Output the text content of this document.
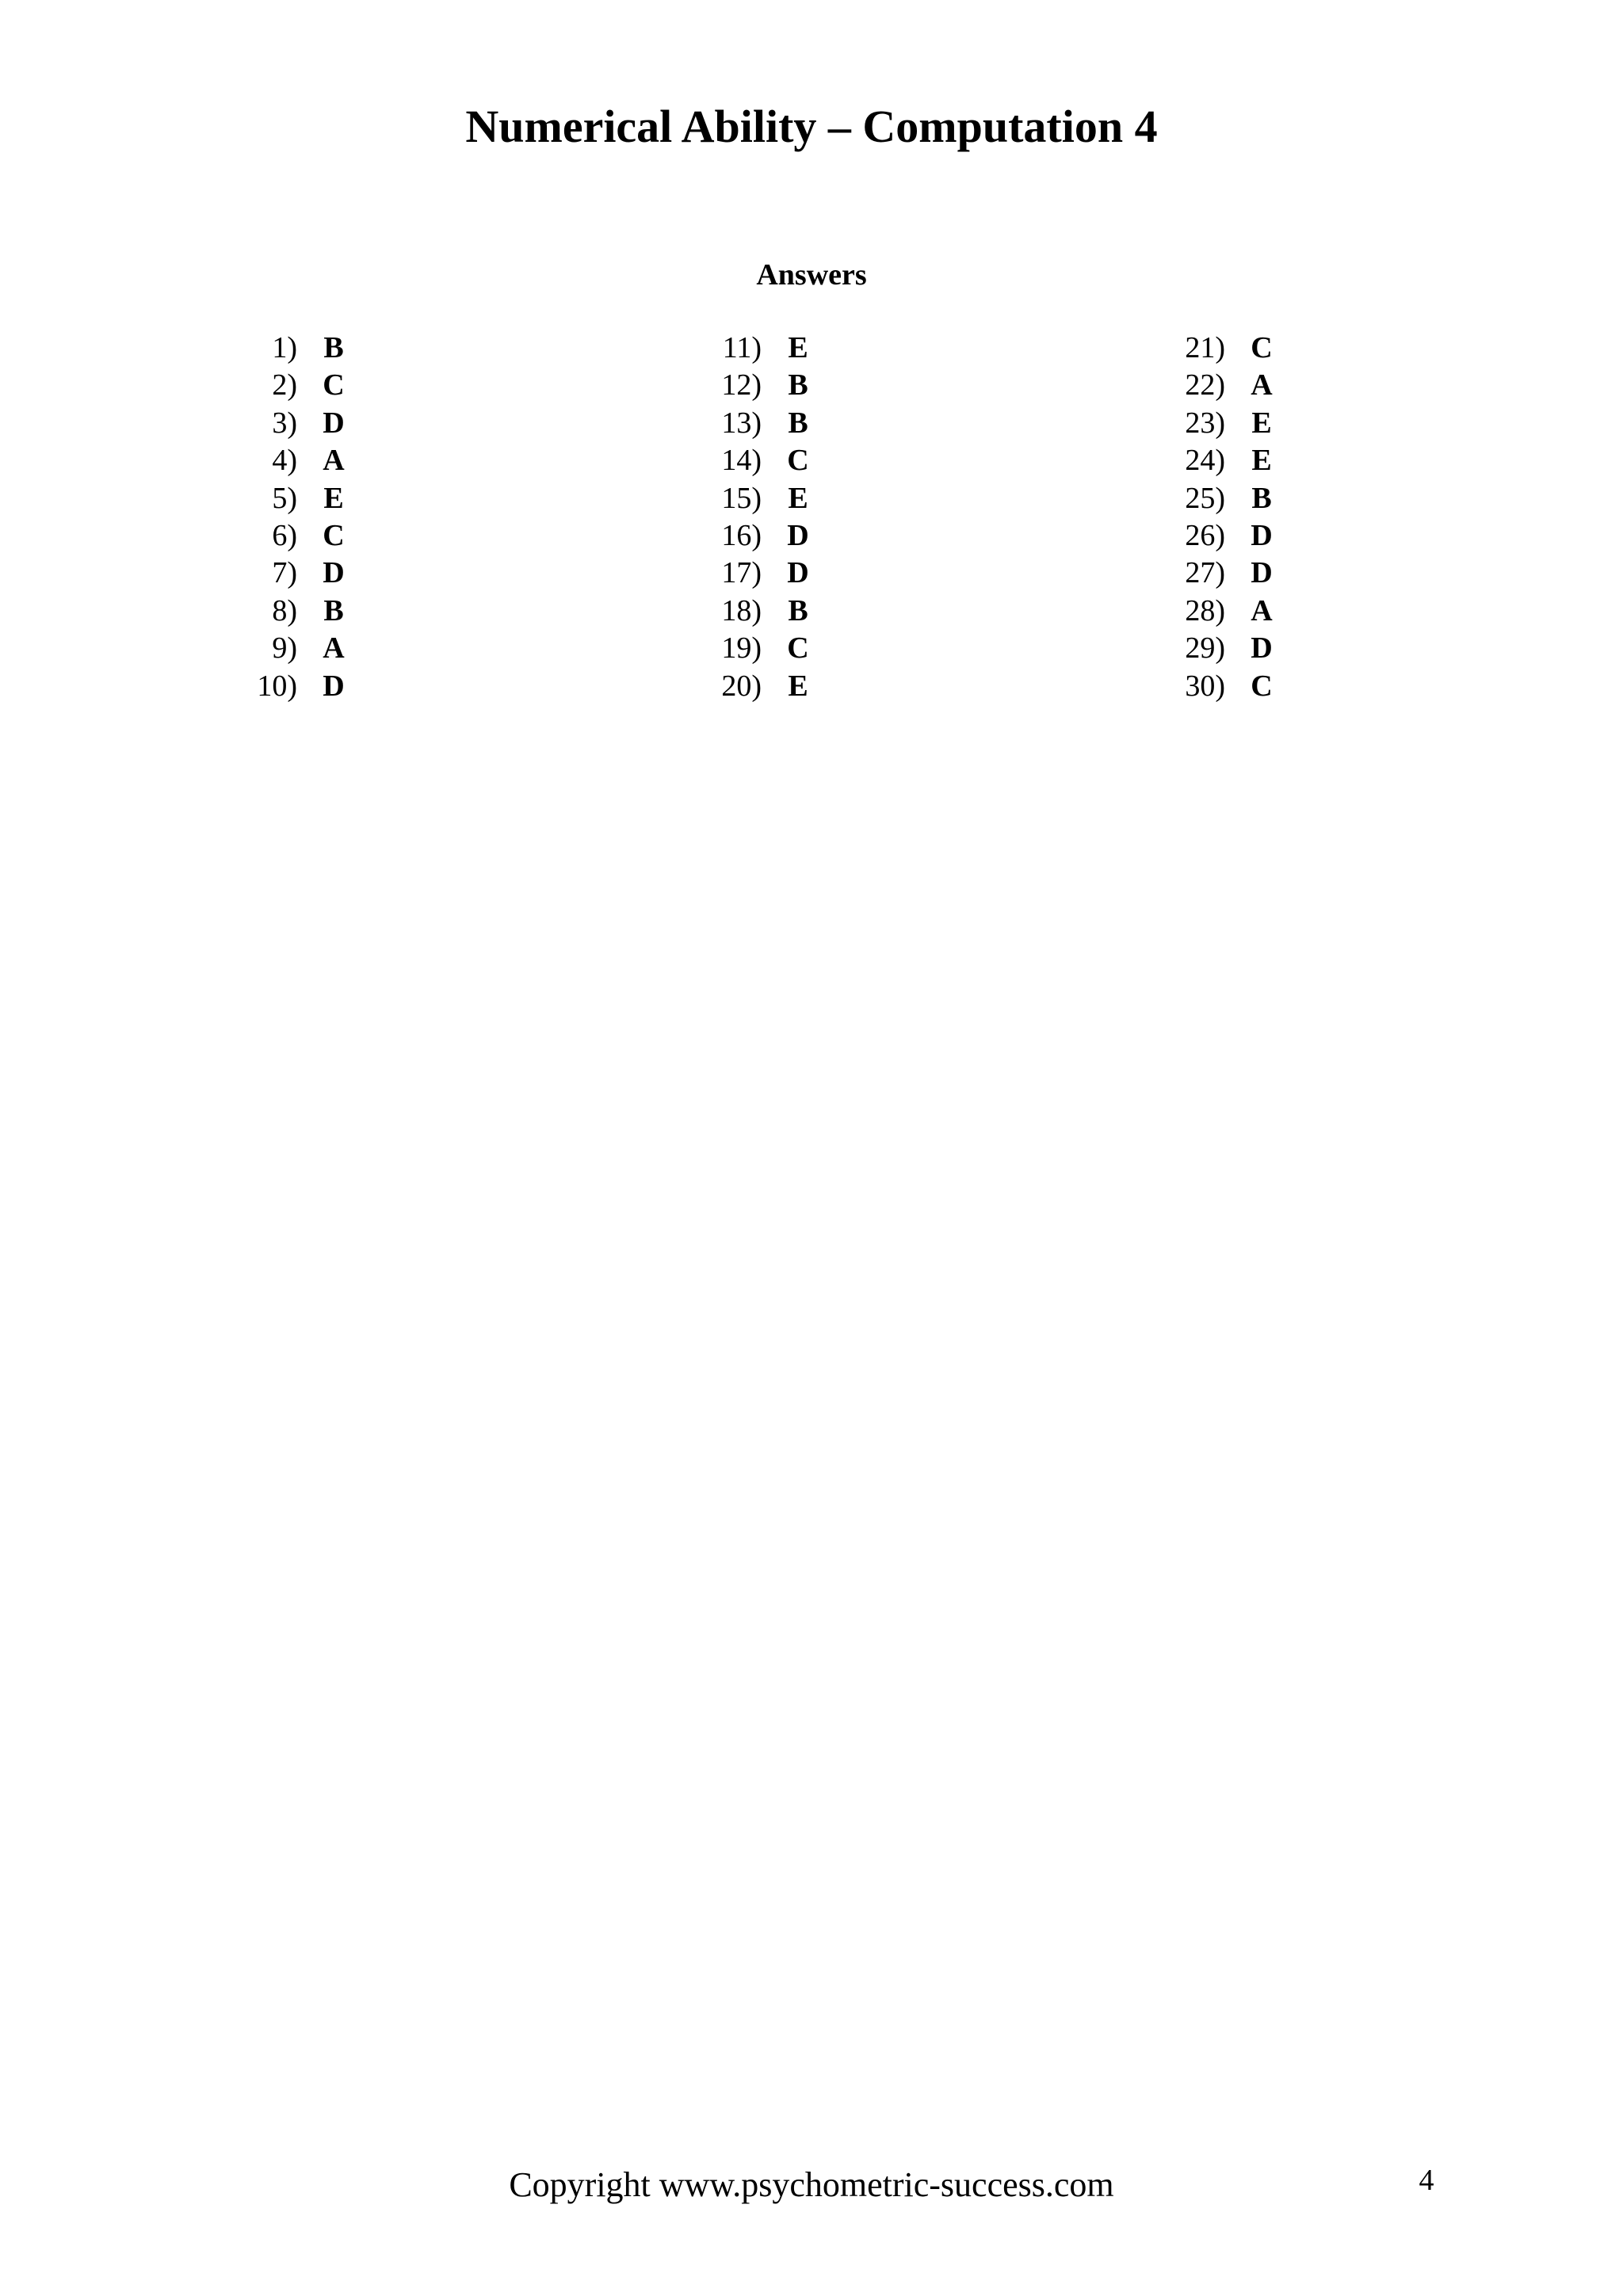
Numerical Ability – Computation 4
Answers
1) B
2) C
3) D
4) A
5) E
6) C
7) D
8) B
9) A
10) D
11) E
12) B
13) B
14) C
15) E
16) D
17) D
18) B
19) C
20) E
21) C
22) A
23) E
24) E
25) B
26) D
27) D
28) A
29) D
30) C
Copyright www.psychometric-success.com	4
